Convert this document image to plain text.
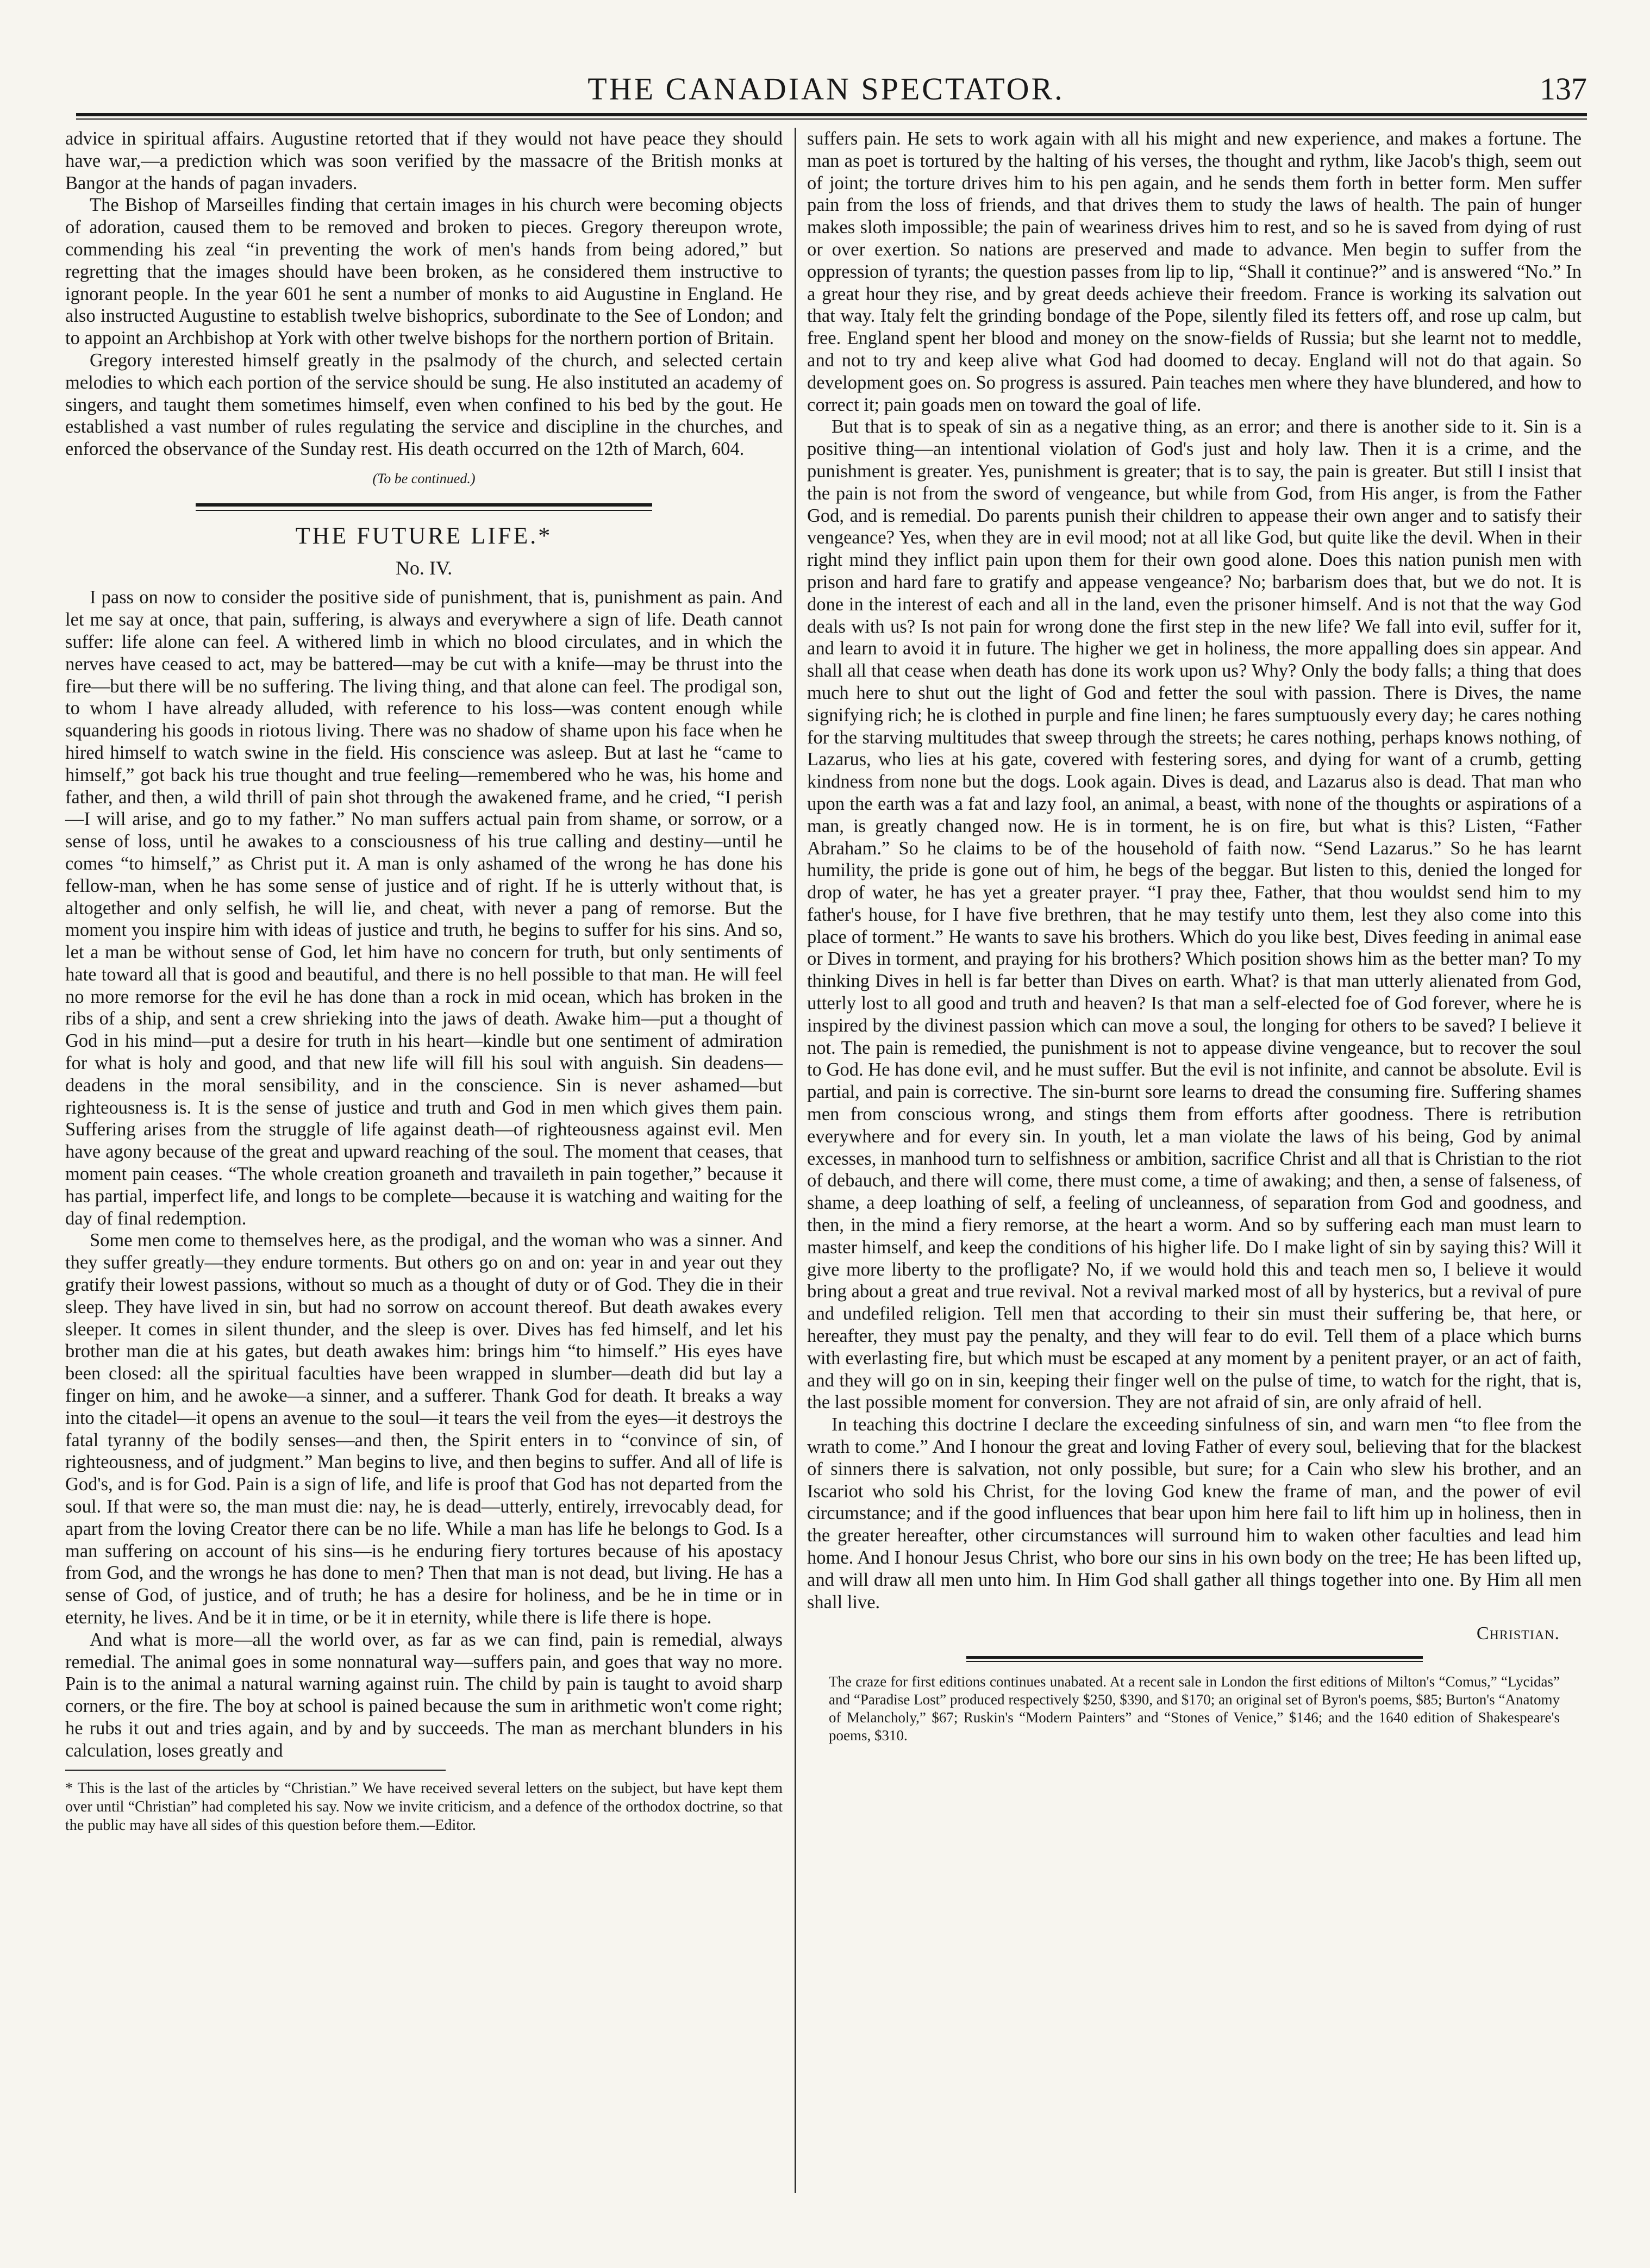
THE CANADIAN SPECTATOR.	137

advice in spiritual affairs. Augustine retorted that if they would not have peace they should have war,—a prediction which was soon verified by the massacre of the British monks at Bangor at the hands of pagan invaders.

The Bishop of Marseilles finding that certain images in his church were becoming objects of adoration, caused them to be removed and broken to pieces. Gregory thereupon wrote, commending his zeal “in preventing the work of men's hands from being adored,” but regretting that the images should have been broken, as he considered them instructive to ignorant people. In the year 601 he sent a number of monks to aid Augustine in England. He also instructed Augustine to establish twelve bishoprics, subordinate to the See of London; and to appoint an Archbishop at York with other twelve bishops for the northern portion of Britain.

Gregory interested himself greatly in the psalmody of the church, and selected certain melodies to which each portion of the service should be sung. He also instituted an academy of singers, and taught them sometimes himself, even when confined to his bed by the gout. He established a vast number of rules regulating the service and discipline in the churches, and enforced the observance of the Sunday rest. His death occurred on the 12th of March, 604.

(To be continued.)
THE FUTURE LIFE.*
No. IV.

I pass on now to consider the positive side of punishment, that is, punishment as pain. And let me say at once, that pain, suffering, is always and everywhere a sign of life. Death cannot suffer: life alone can feel. A withered limb in which no blood circulates, and in which the nerves have ceased to act, may be battered—may be cut with a knife—may be thrust into the fire—but there will be no suffering. The living thing, and that alone can feel. The prodigal son, to whom I have already alluded, with reference to his loss—was content enough while squandering his goods in riotous living. There was no shadow of shame upon his face when he hired himself to watch swine in the field. His conscience was asleep. But at last he “came to himself,” got back his true thought and true feeling—remembered who he was, his home and father, and then, a wild thrill of pain shot through the awakened frame, and he cried, “I perish—I will arise, and go to my father.” No man suffers actual pain from shame, or sorrow, or a sense of loss, until he awakes to a consciousness of his true calling and destiny—until he comes “to himself,” as Christ put it. A man is only ashamed of the wrong he has done his fellow-man, when he has some sense of justice and of right. If he is utterly without that, is altogether and only selfish, he will lie, and cheat, with never a pang of remorse. But the moment you inspire him with ideas of justice and truth, he begins to suffer for his sins. And so, let a man be without sense of God, let him have no concern for truth, but only sentiments of hate toward all that is good and beautiful, and there is no hell possible to that man. He will feel no more remorse for the evil he has done than a rock in mid ocean, which has broken in the ribs of a ship, and sent a crew shrieking into the jaws of death. Awake him—put a thought of God in his mind—put a desire for truth in his heart—kindle but one sentiment of admiration for what is holy and good, and that new life will fill his soul with anguish. Sin deadens—deadens in the moral sensibility, and in the conscience. Sin is never ashamed—but righteousness is. It is the sense of justice and truth and God in men which gives them pain. Suffering arises from the struggle of life against death—of righteousness against evil. Men have agony because of the great and upward reaching of the soul. The moment that ceases, that moment pain ceases. “The whole creation groaneth and travaileth in pain together,” because it has partial, imperfect life, and longs to be complete—because it is watching and waiting for the day of final redemption.

Some men come to themselves here, as the prodigal, and the woman who was a sinner. And they suffer greatly—they endure torments. But others go on and on: year in and year out they gratify their lowest passions, without so much as a thought of duty or of God. They die in their sleep. They have lived in sin, but had no sorrow on account thereof. But death awakes every sleeper. It comes in silent thunder, and the sleep is over. Dives has fed himself, and let his brother man die at his gates, but death awakes him: brings him “to himself.” His eyes have been closed: all the spiritual faculties have been wrapped in slumber—death did but lay a finger on him, and he awoke—a sinner, and a sufferer. Thank God for death. It breaks a way into the citadel—it opens an avenue to the soul—it tears the veil from the eyes—it destroys the fatal tyranny of the bodily senses—and then, the Spirit enters in to “convince of sin, of righteousness, and of judgment.” Man begins to live, and then begins to suffer. And all of life is God's, and is for God. Pain is a sign of life, and life is proof that God has not departed from the soul. If that were so, the man must die: nay, he is dead—utterly, entirely, irrevocably dead, for apart from the loving Creator there can be no life. While a man has life he belongs to God. Is a man suffering on account of his sins—is he enduring fiery tortures because of his apostacy from God, and the wrongs he has done to men? Then that man is not dead, but living. He has a sense of God, of justice, and of truth; he has a desire for holiness, and be he in time or in eternity, he lives. And be it in time, or be it in eternity, while there is life there is hope.

And what is more—all the world over, as far as we can find, pain is remedial, always remedial. The animal goes in some nonnatural way—suffers pain, and goes that way no more. Pain is to the animal a natural warning against ruin. The child by pain is taught to avoid sharp corners, or the fire. The boy at school is pained because the sum in arithmetic won't come right; he rubs it out and tries again, and by and by succeeds. The man as merchant blunders in his calculation, loses greatly and

* This is the last of the articles by “Christian.” We have received several letters on the subject, but have kept them over until “Christian” had completed his say. Now we invite criticism, and a defence of the orthodox doctrine, so that the public may have all sides of this question before them.—Editor.

suffers pain. He sets to work again with all his might and new experience, and makes a fortune. The man as poet is tortured by the halting of his verses, the thought and rythm, like Jacob's thigh, seem out of joint; the torture drives him to his pen again, and he sends them forth in better form. Men suffer pain from the loss of friends, and that drives them to study the laws of health. The pain of hunger makes sloth impossible; the pain of weariness drives him to rest, and so he is saved from dying of rust or over exertion. So nations are preserved and made to advance. Men begin to suffer from the oppression of tyrants; the question passes from lip to lip, “Shall it continue?” and is answered “No.” In a great hour they rise, and by great deeds achieve their freedom. France is working its salvation out that way. Italy felt the grinding bondage of the Pope, silently filed its fetters off, and rose up calm, but free. England spent her blood and money on the snow-fields of Russia; but she learnt not to meddle, and not to try and keep alive what God had doomed to decay. England will not do that again. So development goes on. So progress is assured. Pain teaches men where they have blundered, and how to correct it; pain goads men on toward the goal of life.

But that is to speak of sin as a negative thing, as an error; and there is another side to it. Sin is a positive thing—an intentional violation of God's just and holy law. Then it is a crime, and the punishment is greater. Yes, punishment is greater; that is to say, the pain is greater. But still I insist that the pain is not from the sword of vengeance, but while from God, from His anger, is from the Father God, and is remedial. Do parents punish their children to appease their own anger and to satisfy their vengeance? Yes, when they are in evil mood; not at all like God, but quite like the devil. When in their right mind they inflict pain upon them for their own good alone. Does this nation punish men with prison and hard fare to gratify and appease vengeance? No; barbarism does that, but we do not. It is done in the interest of each and all in the land, even the prisoner himself. And is not that the way God deals with us? Is not pain for wrong done the first step in the new life? We fall into evil, suffer for it, and learn to avoid it in future. The higher we get in holiness, the more appalling does sin appear. And shall all that cease when death has done its work upon us? Why? Only the body falls; a thing that does much here to shut out the light of God and fetter the soul with passion. There is Dives, the name signifying rich; he is clothed in purple and fine linen; he fares sumptuously every day; he cares nothing for the starving multitudes that sweep through the streets; he cares nothing, perhaps knows nothing, of Lazarus, who lies at his gate, covered with festering sores, and dying for want of a crumb, getting kindness from none but the dogs. Look again. Dives is dead, and Lazarus also is dead. That man who upon the earth was a fat and lazy fool, an animal, a beast, with none of the thoughts or aspirations of a man, is greatly changed now. He is in torment, he is on fire, but what is this? Listen, “Father Abraham.” So he claims to be of the household of faith now. “Send Lazarus.” So he has learnt humility, the pride is gone out of him, he begs of the beggar. But listen to this, denied the longed for drop of water, he has yet a greater prayer. “I pray thee, Father, that thou wouldst send him to my father's house, for I have five brethren, that he may testify unto them, lest they also come into this place of torment.” He wants to save his brothers. Which do you like best, Dives feeding in animal ease or Dives in torment, and praying for his brothers? Which position shows him as the better man? To my thinking Dives in hell is far better than Dives on earth. What? is that man utterly alienated from God, utterly lost to all good and truth and heaven? Is that man a self-elected foe of God forever, where he is inspired by the divinest passion which can move a soul, the longing for others to be saved? I believe it not. The pain is remedied, the punishment is not to appease divine vengeance, but to recover the soul to God. He has done evil, and he must suffer. But the evil is not infinite, and cannot be absolute. Evil is partial, and pain is corrective. The sin-burnt sore learns to dread the consuming fire. Suffering shames men from conscious wrong, and stings them from efforts after goodness. There is retribution everywhere and for every sin. In youth, let a man violate the laws of his being, God by animal excesses, in manhood turn to selfishness or ambition, sacrifice Christ and all that is Christian to the riot of debauch, and there will come, there must come, a time of awaking; and then, a sense of falseness, of shame, a deep loathing of self, a feeling of uncleanness, of separation from God and goodness, and then, in the mind a fiery remorse, at the heart a worm. And so by suffering each man must learn to master himself, and keep the conditions of his higher life. Do I make light of sin by saying this? Will it give more liberty to the profligate? No, if we would hold this and teach men so, I believe it would bring about a great and true revival. Not a revival marked most of all by hysterics, but a revival of pure and undefiled religion. Tell men that according to their sin must their suffering be, that here, or hereafter, they must pay the penalty, and they will fear to do evil. Tell them of a place which burns with everlasting fire, but which must be escaped at any moment by a penitent prayer, or an act of faith, and they will go on in sin, keeping their finger well on the pulse of time, to watch for the right, that is, the last possible moment for conversion. They are not afraid of sin, are only afraid of hell.

In teaching this doctrine I declare the exceeding sinfulness of sin, and warn men “to flee from the wrath to come.” And I honour the great and loving Father of every soul, believing that for the blackest of sinners there is salvation, not only possible, but sure; for a Cain who slew his brother, and an Iscariot who sold his Christ, for the loving God knew the frame of man, and the power of evil circumstance; and if the good influences that bear upon him here fail to lift him up in holiness, then in the greater hereafter, other circumstances will surround him to waken other faculties and lead him home. And I honour Jesus Christ, who bore our sins in his own body on the tree; He has been lifted up, and will draw all men unto him. In Him God shall gather all things together into one. By Him all men shall live.

Christian.
The craze for first editions continues unabated. At a recent sale in London the first editions of Milton's “Comus,” “Lycidas” and “Paradise Lost” produced respectively $250, $390, and $170; an original set of Byron's poems, $85; Burton's “Anatomy of Melancholy,” $67; Ruskin's “Modern Painters” and “Stones of Venice,” $146; and the 1640 edition of Shakespeare's poems, $310.
